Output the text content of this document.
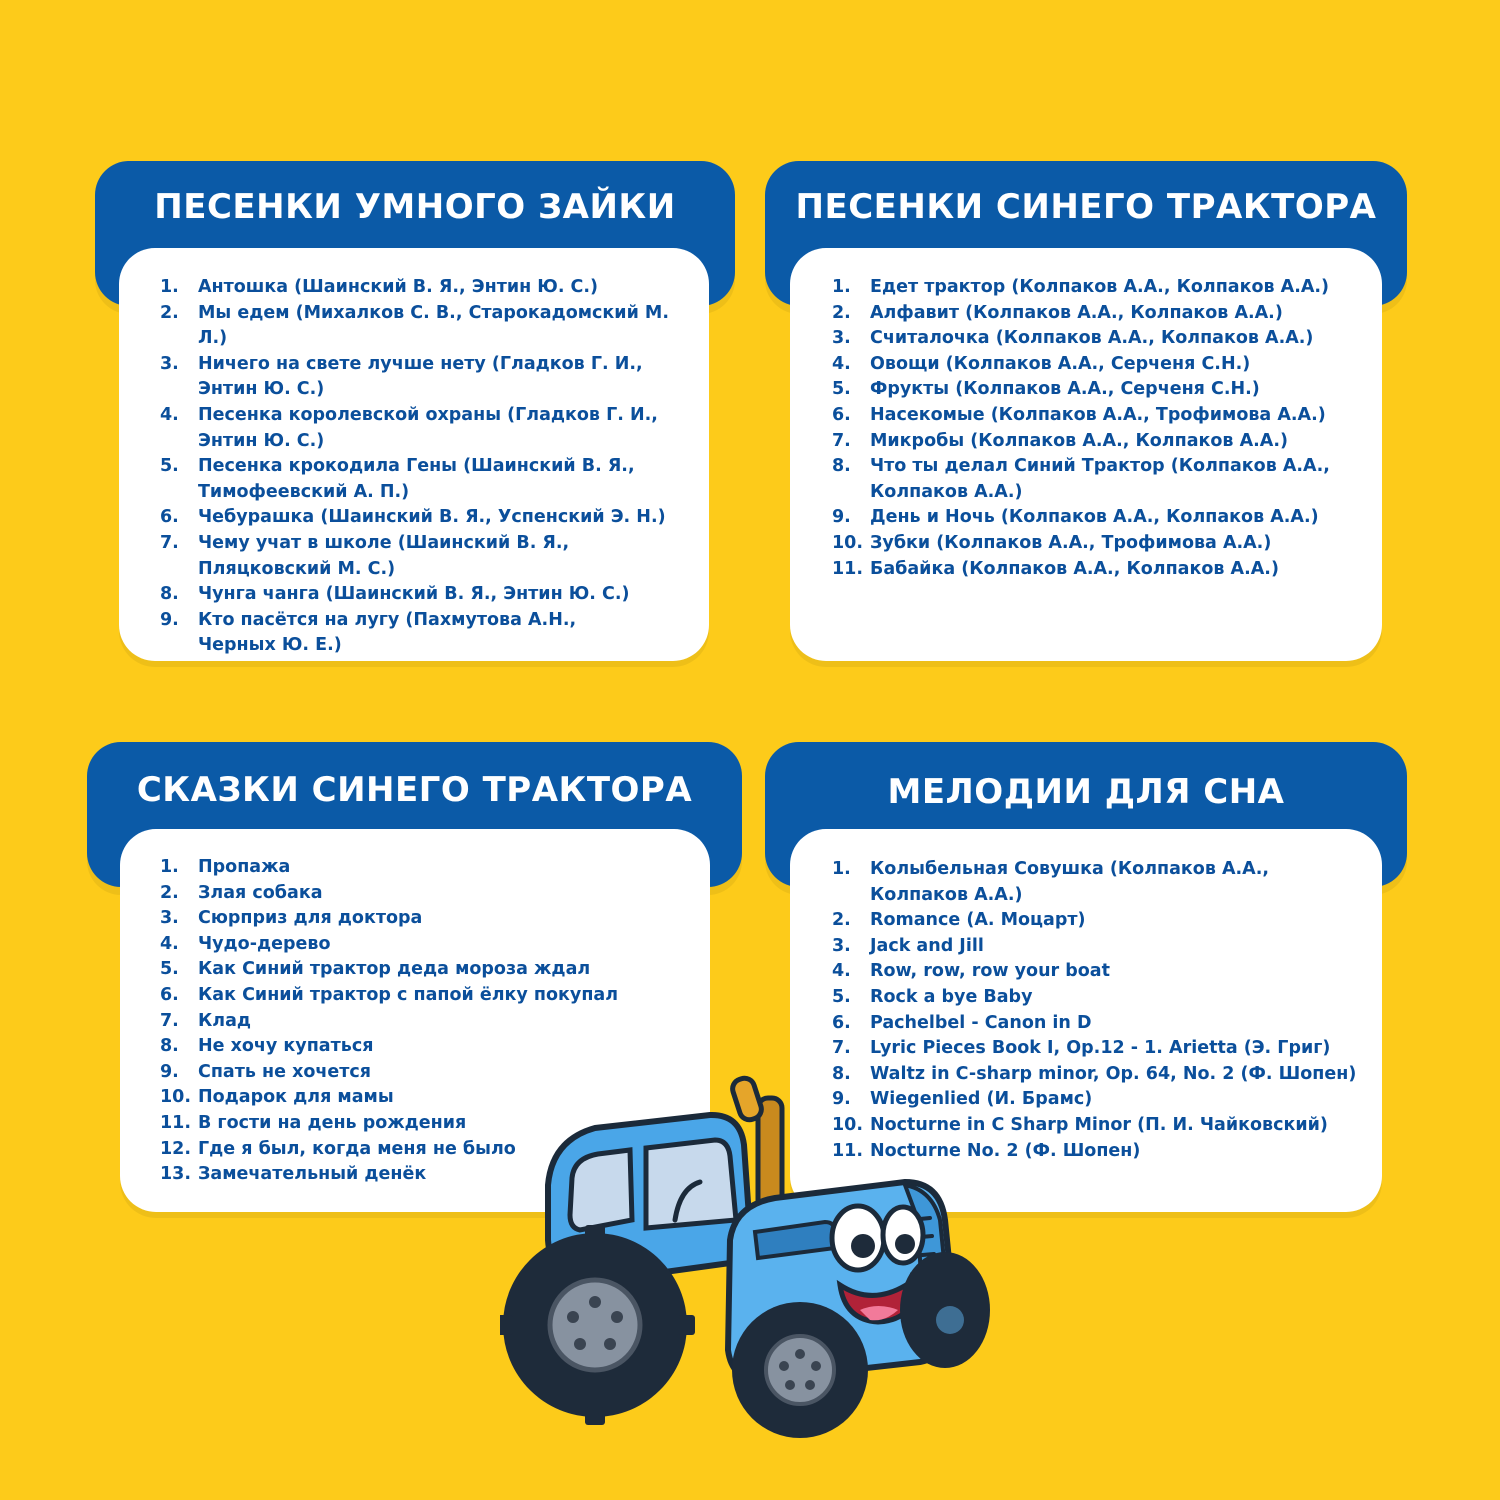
ПЕСЕНКИ УМНОГО ЗАЙКИ
1.	Антошка (Шаинский В. Я., Энтин Ю. С.)
2.	Мы едем (Михалков С. В., Старокадомский М. Л.)
3.	Ничего на свете лучше нету (Гладков Г. И.,
Энтин Ю. С.)
4.	Песенка королевской охраны (Гладков Г. И.,
Энтин Ю. С.)
5.	Песенка крокодила Гены (Шаинский В. Я.,
Тимофеевский А. П.)
6.	Чебурашка (Шаинский В. Я., Успенский Э. Н.)
7.	Чему учат в школе (Шаинский В. Я.,
Пляцковский М. С.)
8.	Чунга чанга (Шаинский В. Я., Энтин Ю. С.)
9.	Кто пасётся на лугу (Пахмутова А.Н.,
Черных Ю. Е.)
ПЕСЕНКИ СИНЕГО ТРАКТОРА
1.	Едет трактор (Колпаков А.А., Колпаков А.А.)
2.	Алфавит (Колпаков А.А., Колпаков А.А.)
3.	Считалочка (Колпаков А.А., Колпаков А.А.)
4.	Овощи (Колпаков А.А., Серченя С.Н.)
5.	Фрукты (Колпаков А.А., Серченя С.Н.)
6.	Насекомые (Колпаков А.А., Трофимова А.А.)
7.	Микробы (Колпаков А.А., Колпаков А.А.)
8.	Что ты делал Синий Трактор (Колпаков А.А.,
Колпаков А.А.)
9.	День и Ночь (Колпаков А.А., Колпаков А.А.)
10. Зубки (Колпаков А.А., Трофимова А.А.)
11. Бабайка (Колпаков А.А., Колпаков А.А.)
СКАЗКИ СИНЕГО ТРАКТОРА
1.	Пропажа
2.	Злая собака
3.	Сюрприз для доктора
4.	Чудо-дерево
5.	Как Синий трактор деда мороза ждал
6.	Как Синий трактор с папой ёлку покупал
7.	Клад
8.	Не хочу купаться
9.	Спать не хочется
10. Подарок для мамы
11. В гости на день рождения
12. Где я был, когда меня не было
13. Замечательный денёк
МЕЛОДИИ ДЛЯ СНА
1.	Колыбельная Совушка (Колпаков А.А.,
Колпаков А.А.)
2.	Romance (А. Моцарт)
3.	Jack and Jill
4.	Row, row, row your boat
5.	Rock a bye Baby
6.	Pachelbel - Canon in D
7.	Lyric Pieces Book I, Op.12 - 1. Arietta (Э. Григ)
8.	Waltz in C-sharp minor, Op. 64, No. 2 (Ф. Шопен)
9.	Wiegenlied (И. Брамс)
10. Nocturne in C Sharp Minor (П. И. Чайковский)
11. Nocturne No. 2 (Ф. Шопен)
